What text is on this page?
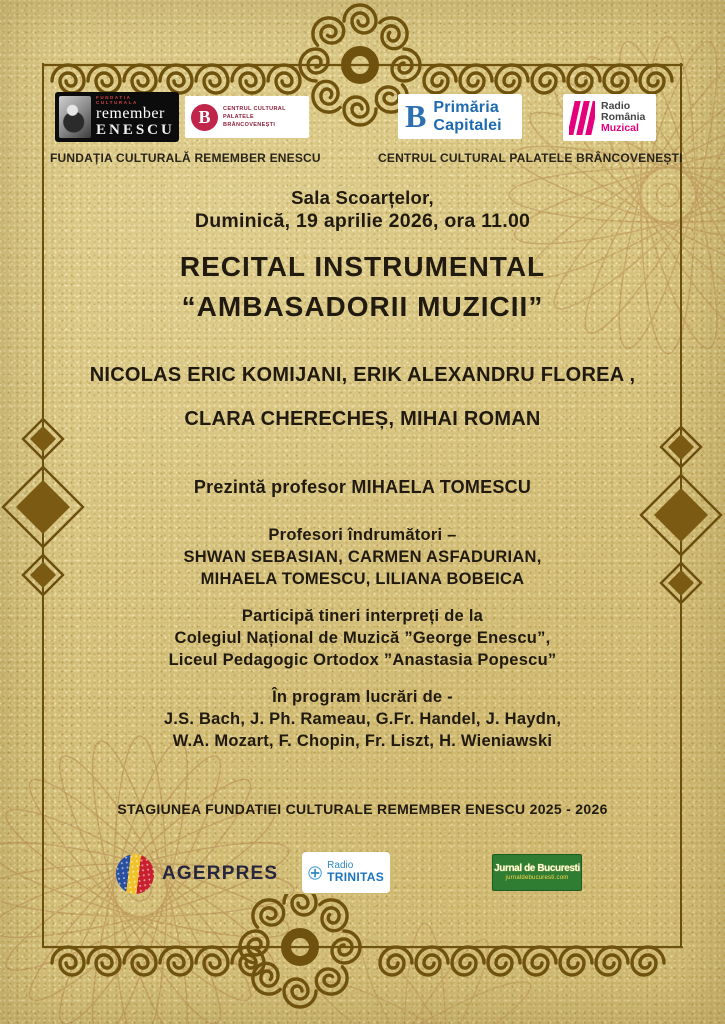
FUNDATIA CULTURALA
remember
ENESCU
B	CENTRUL CULTURAL
PALATELE BRÂNCOVENEȘTI	B Primăria
Capitalei
Radio
România
Muzical
FUNDAȚIA CULTURALĂ REMEMBER ENESCU	CENTRUL CULTURAL PALATELE BRÂNCOVENEȘTI
Sala Scoarțelor,
Duminică, 19 aprilie 2026, ora 11.00
RECITAL INSTRUMENTAL
“AMBASADORII MUZICII”
NICOLAS ERIC KOMIJANI, ERIK ALEXANDRU FLOREA ,
CLARA CHERECHEȘ, MIHAI ROMAN
Prezintă profesor MIHAELA TOMESCU
Profesori îndrumători –
SHWAN SEBASIAN, CARMEN ASFADURIAN,
MIHAELA TOMESCU, LILIANA BOBEICA
Participă tineri interpreți de la
Colegiul Național de Muzică ”George Enescu”,
Liceul Pedagogic Ortodox ”Anastasia Popescu”
În program lucrări de -
J.S. Bach, J. Ph. Rameau, G.Fr. Handel, J. Haydn,
W.A. Mozart, F. Chopin, Fr. Liszt, H. Wieniawski
STAGIUNEA FUNDATIEI CULTURALE REMEMBER ENESCU 2025 - 2026
AGERPRES	Radio
TRINITAS
Jurnal de Bucuresti
jurnaldebucuresti.com
